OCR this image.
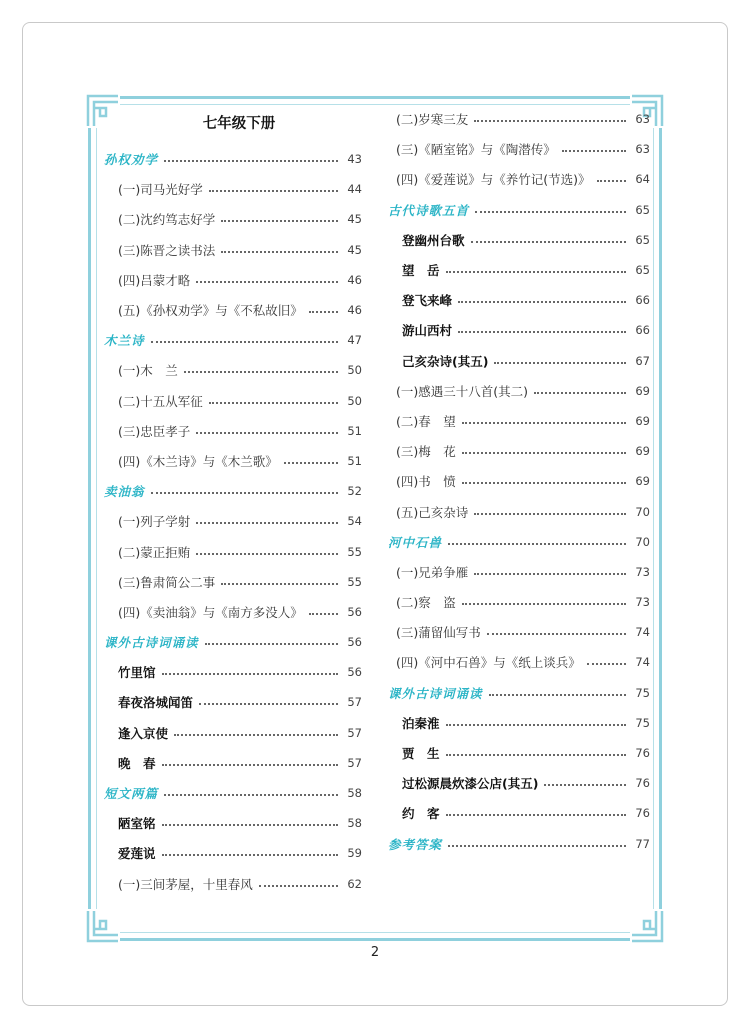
七年级下册
孙权劝学	43
(一)司马光好学	44
(二)沈约笃志好学	45
(三)陈晋之读书法	45
(四)吕蒙才略	46
(五)《孙权劝学》与《不私故旧》	46
木兰诗	47
(一)木　兰	50
(二)十五从军征	50
(三)忠臣孝子	51
(四)《木兰诗》与《木兰歌》	51
卖油翁	52
(一)列子学射	54
(二)蒙正拒贿	55
(三)鲁肃简公二事	55
(四)《卖油翁》与《南方多没人》	56
课外古诗词诵读	56
竹里馆	56
春夜洛城闻笛	57
逢入京使	57
晚　春	57
短文两篇	58
陋室铭	58
爱莲说	59
(一)三间茅屋，十里春风	62
(二)岁寒三友	63
(三)《陋室铭》与《陶潜传》	63
(四)《爱莲说》与《养竹记(节选)》	64
古代诗歌五首	65
登幽州台歌	65
望　岳	65
登飞来峰	66
游山西村	66
己亥杂诗(其五)	67
(一)感遇三十八首(其二)	69
(二)春　望	69
(三)梅　花	69
(四)书　愤	69
(五)己亥杂诗	70
河中石兽	70
(一)兄弟争雁	73
(二)察　盗	73
(三)蒲留仙写书	74
(四)《河中石兽》与《纸上谈兵》	74
课外古诗词诵读	75
泊秦淮	75
贾　生	76
过松源晨炊漆公店(其五)	76
约　客	76
参考答案	77
2
